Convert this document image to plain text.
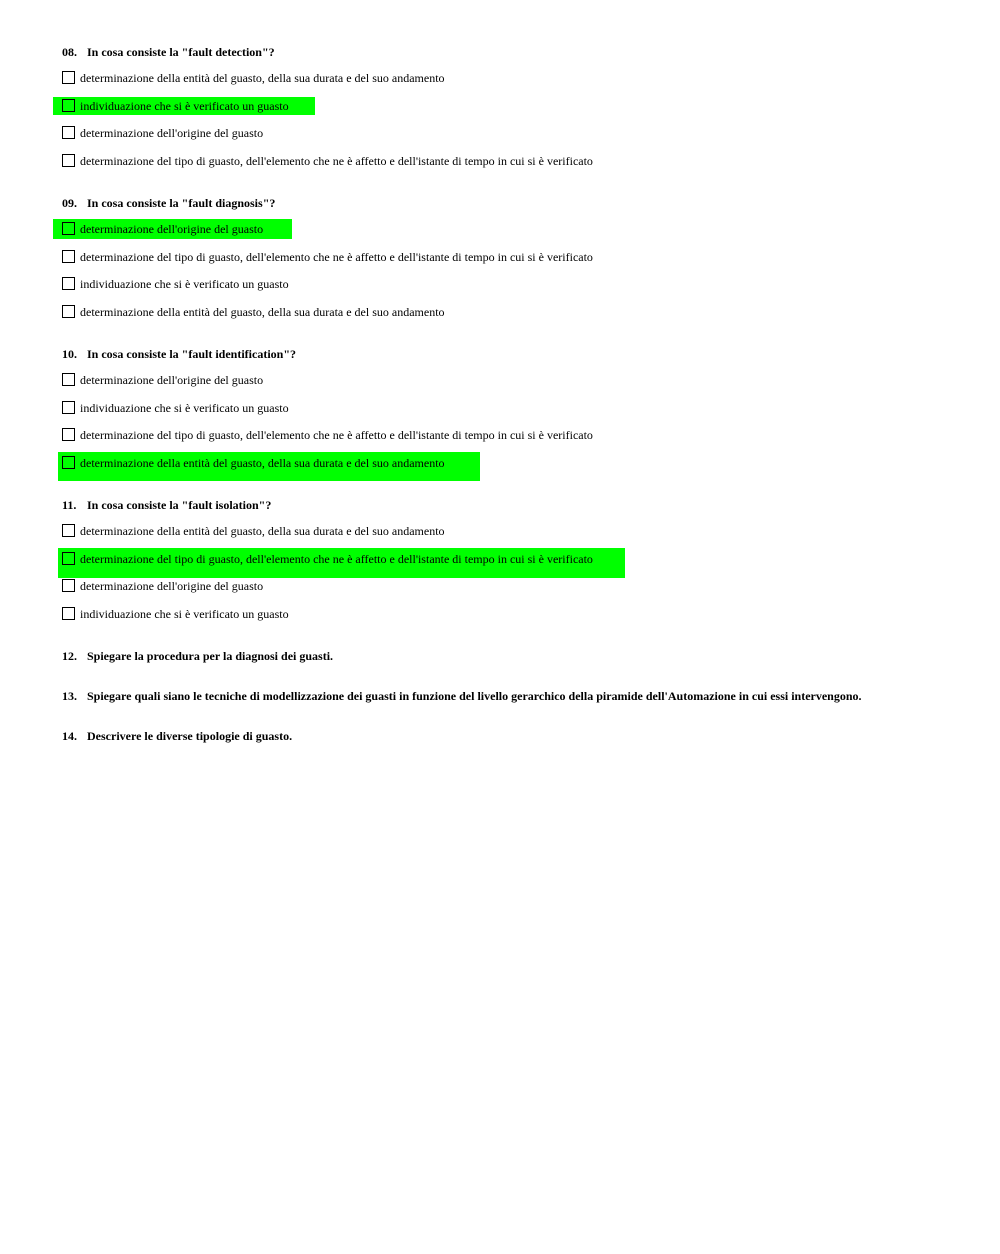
08. In cosa consiste la "fault detection"?
determinazione della entità del guasto, della sua durata e del suo andamento
individuazione che si è verificato un guasto
determinazione dell'origine del guasto
determinazione del tipo di guasto, dell'elemento che ne è affetto e dell'istante di tempo in cui si è verificato
09. In cosa consiste la "fault diagnosis"?
determinazione dell'origine del guasto
determinazione del tipo di guasto, dell'elemento che ne è affetto e dell'istante di tempo in cui si è verificato
individuazione che si è verificato un guasto
determinazione della entità del guasto, della sua durata e del suo andamento
10. In cosa consiste la "fault identification"?
determinazione dell'origine del guasto
individuazione che si è verificato un guasto
determinazione del tipo di guasto, dell'elemento che ne è affetto e dell'istante di tempo in cui si è verificato
determinazione della entità del guasto, della sua durata e del suo andamento
11. In cosa consiste la "fault isolation"?
determinazione della entità del guasto, della sua durata e del suo andamento
determinazione del tipo di guasto, dell'elemento che ne è affetto e dell'istante di tempo in cui si è verificato
determinazione dell'origine del guasto
individuazione che si è verificato un guasto
12. Spiegare la procedura per la diagnosi dei guasti.
13. Spiegare quali siano le tecniche di modellizzazione dei guasti in funzione del livello gerarchico della piramide dell'Automazione in cui essi intervengono.
14. Descrivere le diverse tipologie di guasto.
